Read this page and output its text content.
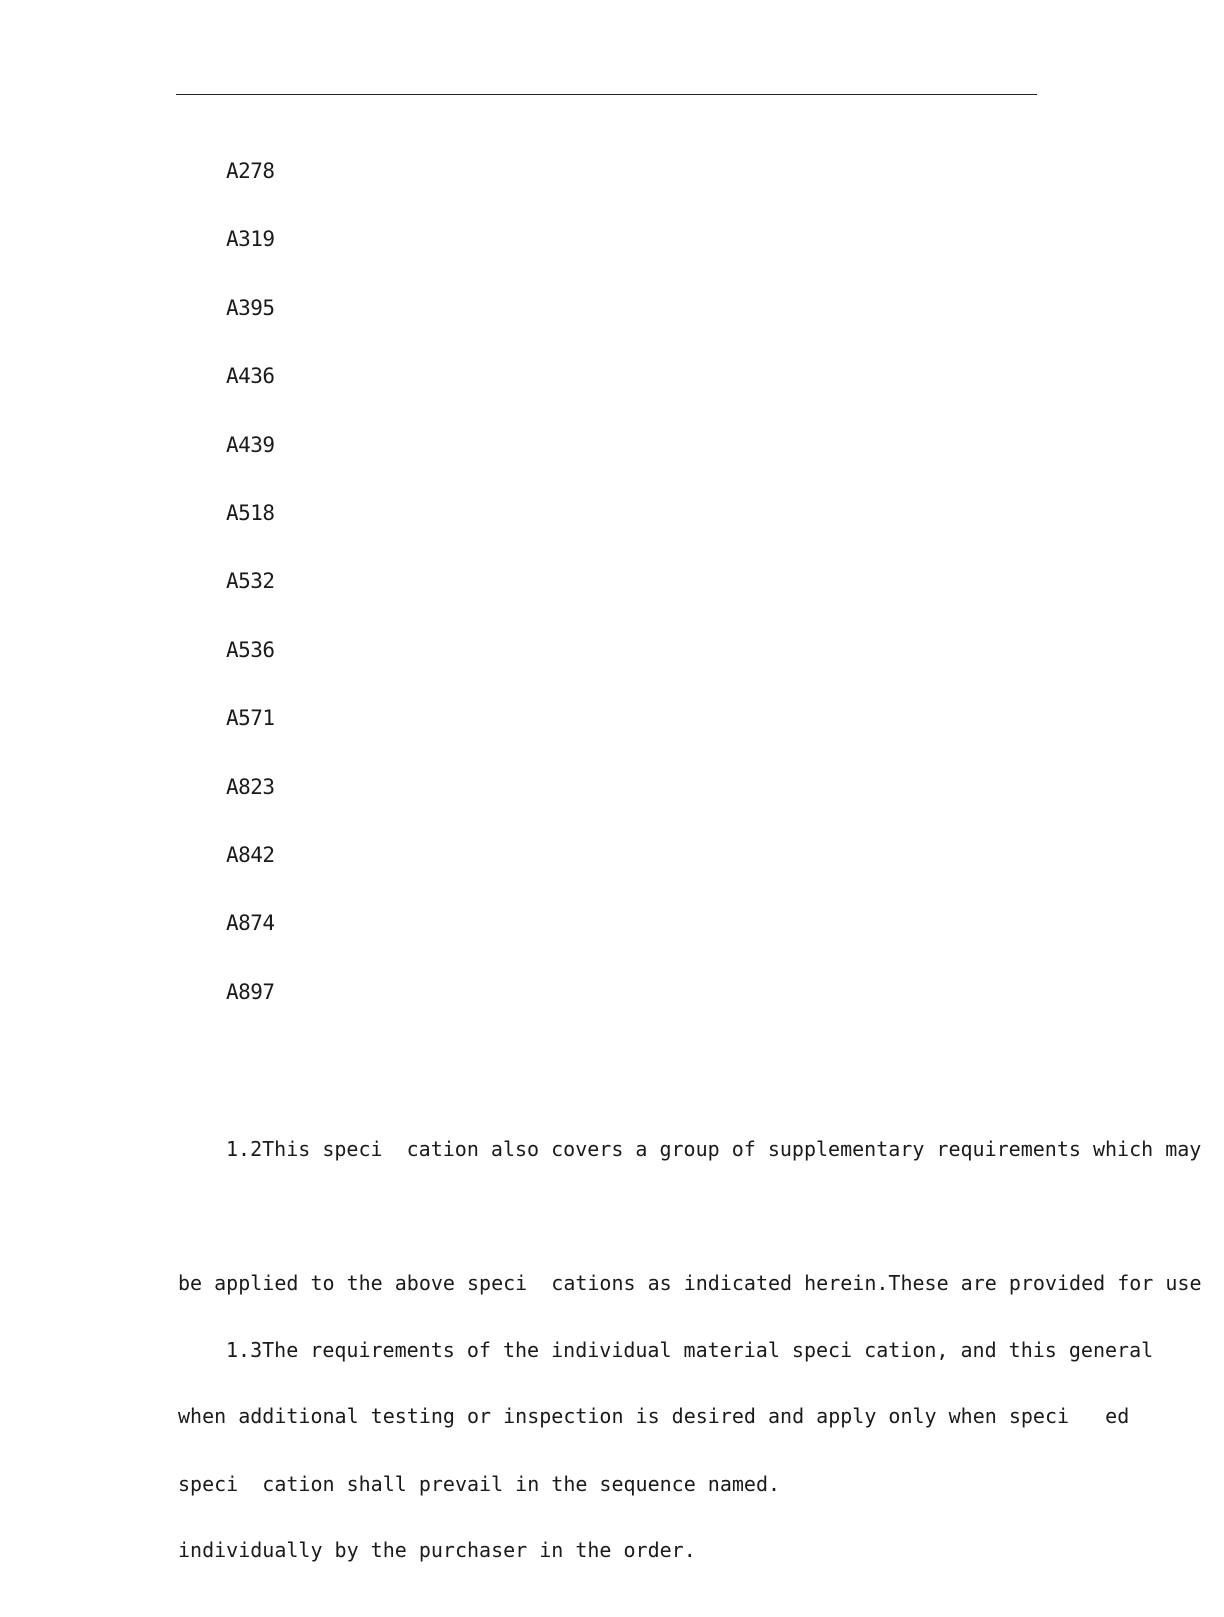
A278
A319
A395
A436
A439
A518
A532
A536
A571
A823
A842
A874
A897

1.2This speci  cation also covers a group of supplementary requirements which may

be applied to the above speci  cations as indicated herein.These are provided for use

when additional testing or inspection is desired and apply only when speci   ed

individually by the purchaser in the order.

1.3The requirements of the individual material speci cation, and this general

speci  cation shall prevail in the sequence named.
